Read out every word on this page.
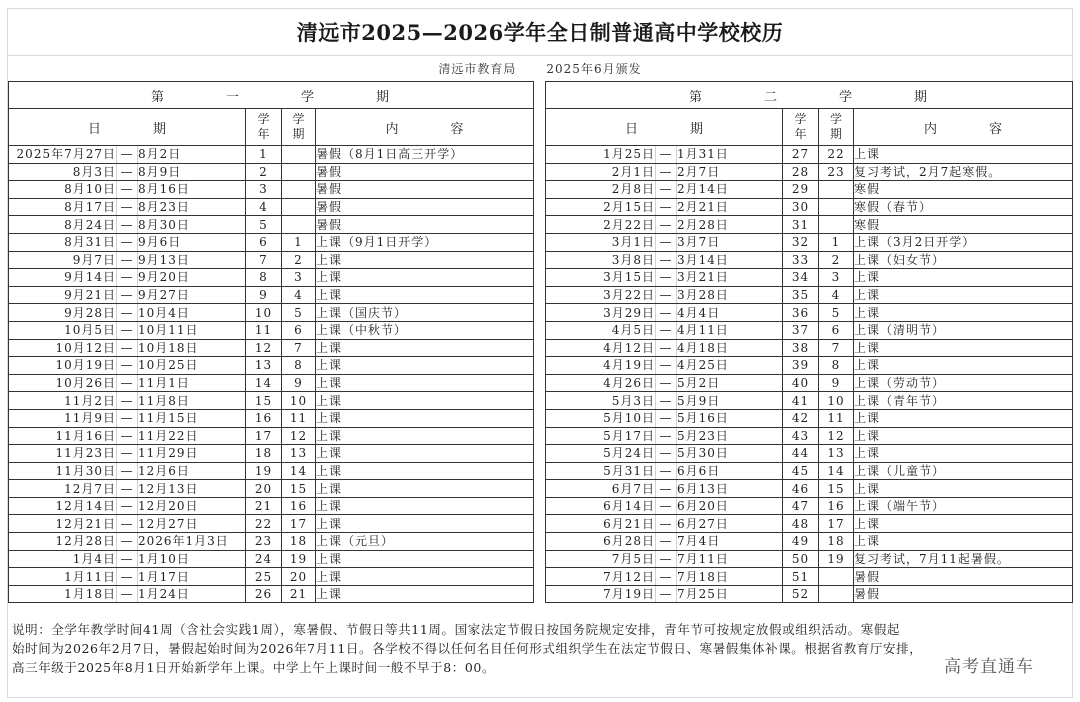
清远市2025—2026学年全日制普通高中学校校历
清远市教育局	2025年6月颁发
第 一 学 期					
日 期			学
年	学
期	内 容
2025年7月27日	—	8月2日	1		暑假（8月1日高三开学）
8月3日	—	8月9日	2		暑假
8月10日	—	8月16日	3		暑假
8月17日	—	8月23日	4		暑假
8月24日	—	8月30日	5		暑假
8月31日	—	9月6日	6	1	上课（9月1日开学）
9月7日	—	9月13日	7	2	上课
9月14日	—	9月20日	8	3	上课
9月21日	—	9月27日	9	4	上课
9月28日	—	10月4日	10	5	上课（国庆节）
10月5日	—	10月11日	11	6	上课（中秋节）
10月12日	—	10月18日	12	7	上课
10月19日	—	10月25日	13	8	上课
10月26日	—	11月1日	14	9	上课
11月2日	—	11月8日	15	10	上课
11月9日	—	11月15日	16	11	上课
11月16日	—	11月22日	17	12	上课
11月23日	—	11月29日	18	13	上课
11月30日	—	12月6日	19	14	上课
12月7日	—	12月13日	20	15	上课
12月14日	—	12月20日	21	16	上课
12月21日	—	12月27日	22	17	上课
12月28日	—	2026年1月3日	23	18	上课（元旦）
1月4日	—	1月10日	24	19	上课
1月11日	—	1月17日	25	20	上课
1月18日	—	1月24日	26	21	上课
第 二 学 期					
日 期			学
年	学
期	内 容
1月25日	—	1月31日	27	22	上课
2月1日	—	2月7日	28	23	复习考试，2月7起寒假。
2月8日	—	2月14日	29		寒假
2月15日	—	2月21日	30		寒假（春节）
2月22日	—	2月28日	31		寒假
3月1日	—	3月7日	32	1	上课（3月2日开学）
3月8日	—	3月14日	33	2	上课（妇女节）
3月15日	—	3月21日	34	3	上课
3月22日	—	3月28日	35	4	上课
3月29日	—	4月4日	36	5	上课
4月5日	—	4月11日	37	6	上课（清明节）
4月12日	—	4月18日	38	7	上课
4月19日	—	4月25日	39	8	上课
4月26日	—	5月2日	40	9	上课（劳动节）
5月3日	—	5月9日	41	10	上课（青年节）
5月10日	—	5月16日	42	11	上课
5月17日	—	5月23日	43	12	上课
5月24日	—	5月30日	44	13	上课
5月31日	—	6月6日	45	14	上课（儿童节）
6月7日	—	6月13日	46	15	上课
6月14日	—	6月20日	47	16	上课（端午节）
6月21日	—	6月27日	48	17	上课
6月28日	—	7月4日	49	18	上课
7月5日	—	7月11日	50	19	复习考试，7月11起暑假。
7月12日	—	7月18日	51		暑假
7月19日	—	7月25日	52		暑假
说明：全学年教学时间41周（含社会实践1周），寒暑假、节假日等共11周。国家法定节假日按国务院规定安排，青年节可按规定放假或组织活动。寒假起
始时间为2026年2月7日，暑假起始时间为2026年7月11日。各学校不得以任何名目任何形式组织学生在法定节假日、寒暑假集体补课。根据省教育厅安排，
高三年级于2025年8月1日开始新学年上课。中学上午上课时间一般不早于8：00。	高考直通车
